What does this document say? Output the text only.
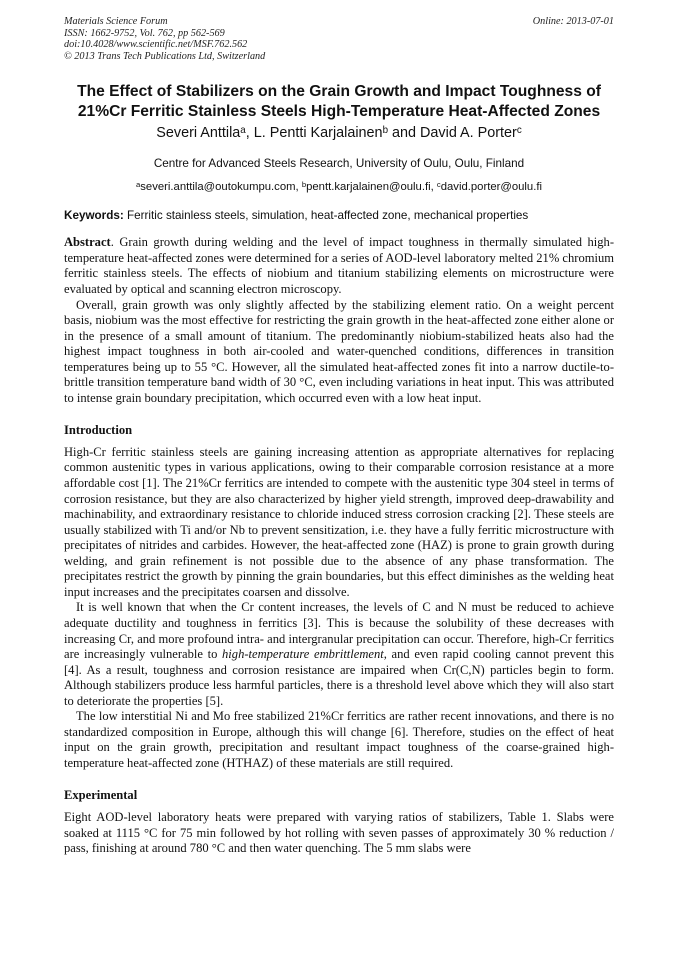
Materials Science Forum
ISSN: 1662-9752, Vol. 762, pp 562-569
doi:10.4028/www.scientific.net/MSF.762.562
© 2013 Trans Tech Publications Ltd, Switzerland
Online: 2013-07-01
The Effect of Stabilizers on the Grain Growth and Impact Toughness of
21%Cr Ferritic Stainless Steels High-Temperature Heat-Affected Zones
Severi Anttila$^a$, L. Pentti Karjalainen$^b$ and David A. Porter$^c$
Centre for Advanced Steels Research, University of Oulu, Oulu, Finland
$^a$severi.anttila@outokumpu.com, $^b$pentt.karjalainen@oulu.fi, $^c$david.porter@oulu.fi
Keywords: Ferritic stainless steels, simulation, heat-affected zone, mechanical properties

Abstract. Grain growth during welding and the level of impact toughness in thermally simulated high-temperature heat-affected zones were determined for a series of AOD-level laboratory melted 21% chromium ferritic stainless steels. The effects of niobium and titanium stabilizing elements on microstructure were evaluated by optical and scanning electron microscopy.

Overall, grain growth was only slightly affected by the stabilizing element ratio. On a weight percent basis, niobium was the most effective for restricting the grain growth in the heat-affected zone either alone or in the presence of a small amount of titanium. The predominantly niobium-stabilized heats also had the highest impact toughness in both air-cooled and water-quenched conditions, differences in transition temperatures being up to 55 °C. However, all the simulated heat-affected zones fit into a narrow ductile-to-brittle transition temperature band width of 30 °C, even including variations in heat input. This was attributed to intense grain boundary precipitation, which occurred even with a low heat input.

Introduction

High-Cr ferritic stainless steels are gaining increasing attention as appropriate alternatives for replacing common austenitic types in various applications, owing to their comparable corrosion resistance at a more affordable cost [1]. The 21%Cr ferritics are intended to compete with the austenitic type 304 steel in terms of corrosion resistance, but they are also characterized by higher yield strength, improved deep-drawability and machinability, and extraordinary resistance to chloride induced stress corrosion cracking [2]. These steels are usually stabilized with Ti and/or Nb to prevent sensitization, i.e. they have a fully ferritic microstructure with precipitates of nitrides and carbides. However, the heat-affected zone (HAZ) is prone to grain growth during welding, and grain refinement is not possible due to the absence of any phase transformation. The precipitates restrict the growth by pinning the grain boundaries, but this effect diminishes as the welding heat input increases and the precipitates coarsen and dissolve.

It is well known that when the Cr content increases, the levels of C and N must be reduced to achieve adequate ductility and toughness in ferritics [3]. This is because the solubility of these decreases with increasing Cr, and more profound intra- and intergranular precipitation can occur. Therefore, high-Cr ferritics are increasingly vulnerable to high-temperature embrittlement, and even rapid cooling cannot prevent this [4]. As a result, toughness and corrosion resistance are impaired when Cr(C,N) particles begin to form. Although stabilizers produce less harmful particles, there is a threshold level above which they will also start to deteriorate the properties [5].

The low interstitial Ni and Mo free stabilized 21%Cr ferritics are rather recent innovations, and there is no standardized composition in Europe, although this will change [6]. Therefore, studies on the effect of heat input on the grain growth, precipitation and resultant impact toughness of the coarse-grained high-temperature heat-affected zone (HTHAZ) of these materials are still required.

Experimental

Eight AOD-level laboratory heats were prepared with varying ratios of stabilizers, Table 1. Slabs were soaked at 1115 °C for 75 min followed by hot rolling with seven passes of approximately 30 % reduction / pass, finishing at around 780 °C and then water quenching. The 5 mm slabs were
